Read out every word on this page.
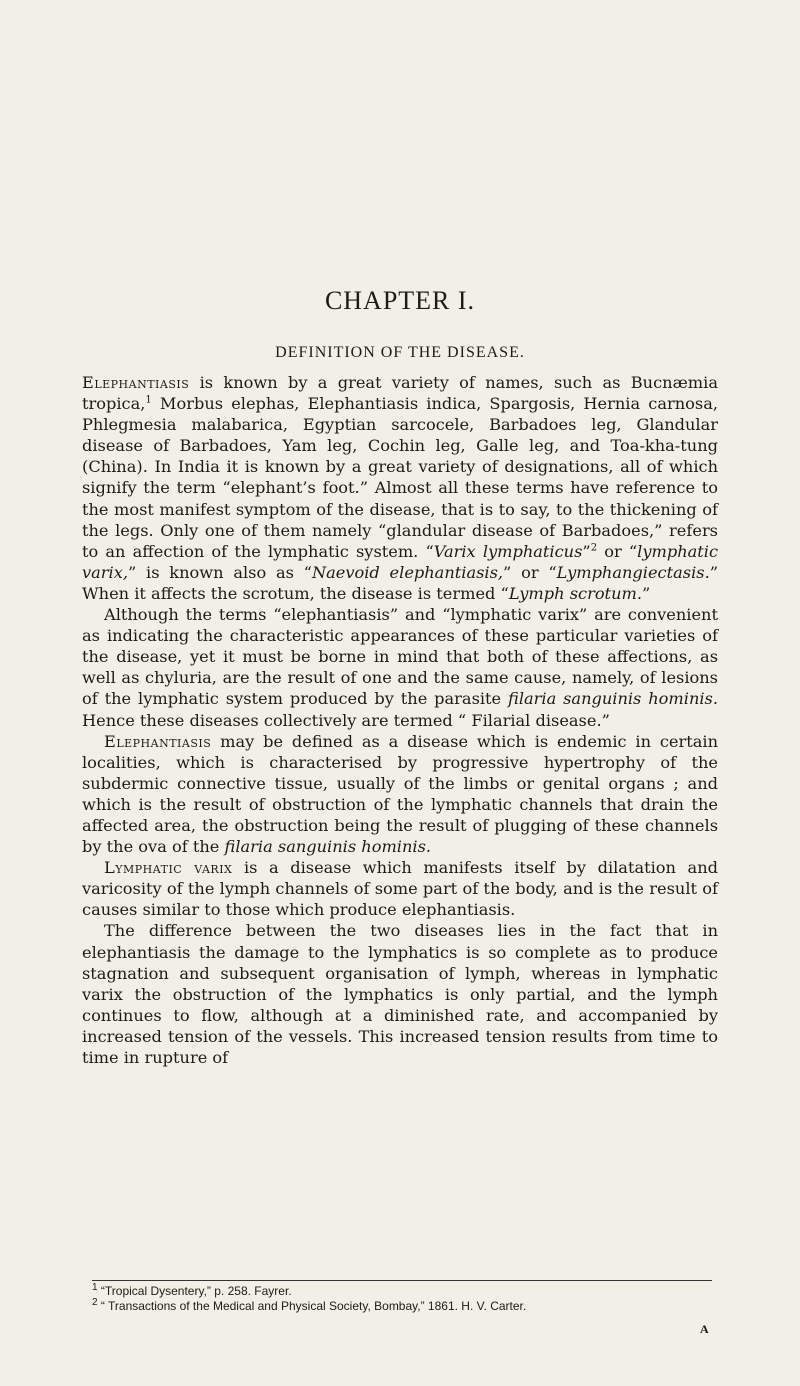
CHAPTER I.
DEFINITION OF THE DISEASE.

Elephantiasis is known by a great variety of names, such as Bucnæmia tropica,$^1$ Morbus elephas, Elephantiasis indica, Spargosis, Hernia carnosa, Phlegmesia malabarica, Egyptian sarcocele, Barbadoes leg, Glandular disease of Barbadoes, Yam leg, Cochin leg, Galle leg, and Toa-kha-tung (China). In India it is known by a great variety of designations, all of which signify the term “elephant’s foot.” Almost all these terms have reference to the most manifest symptom of the disease, that is to say, to the thickening of the legs. Only one of them namely “glandular disease of Barbadoes,” refers to an affection of the lymphatic system. “Varix lymphaticus”$^2$ or “lymphatic varix,” is known also as “Naevoid elephantiasis,” or “Lymphangiectasis.” When it affects the scrotum, the disease is termed “Lymph scrotum.”

Although the terms “elephantiasis” and “lymphatic varix” are convenient as indicating the characteristic appearances of these particular varieties of the disease, yet it must be borne in mind that both of these affections, as well as chyluria, are the result of one and the same cause, namely, of lesions of the lymphatic system produced by the parasite filaria sanguinis hominis. Hence these diseases collectively are termed “ Filarial disease.”

Elephantiasis may be defined as a disease which is endemic in certain localities, which is characterised by progressive hypertrophy of the subdermic connective tissue, usually of the limbs or genital organs ; and which is the result of obstruction of the lymphatic channels that drain the affected area, the obstruction being the result of plugging of these channels by the ova of the filaria sanguinis hominis.

Lymphatic varix is a disease which manifests itself by dilatation and varicosity of the lymph channels of some part of the body, and is the result of causes similar to those which produce elephantiasis.

The difference between the two diseases lies in the fact that in elephantiasis the damage to the lymphatics is so complete as to produce stagnation and subsequent organisation of lymph, whereas in lymphatic varix the obstruction of the lymphatics is only partial, and the lymph continues to flow, although at a diminished rate, and accompanied by increased tension of the vessels. This increased tension results from time to time in rupture of

$^1$ “Tropical Dysentery,” p. 258. Fayrer.

$^2$ “ Transactions of the Medical and Physical Society, Bombay,” 1861. H. V. Carter.

A
